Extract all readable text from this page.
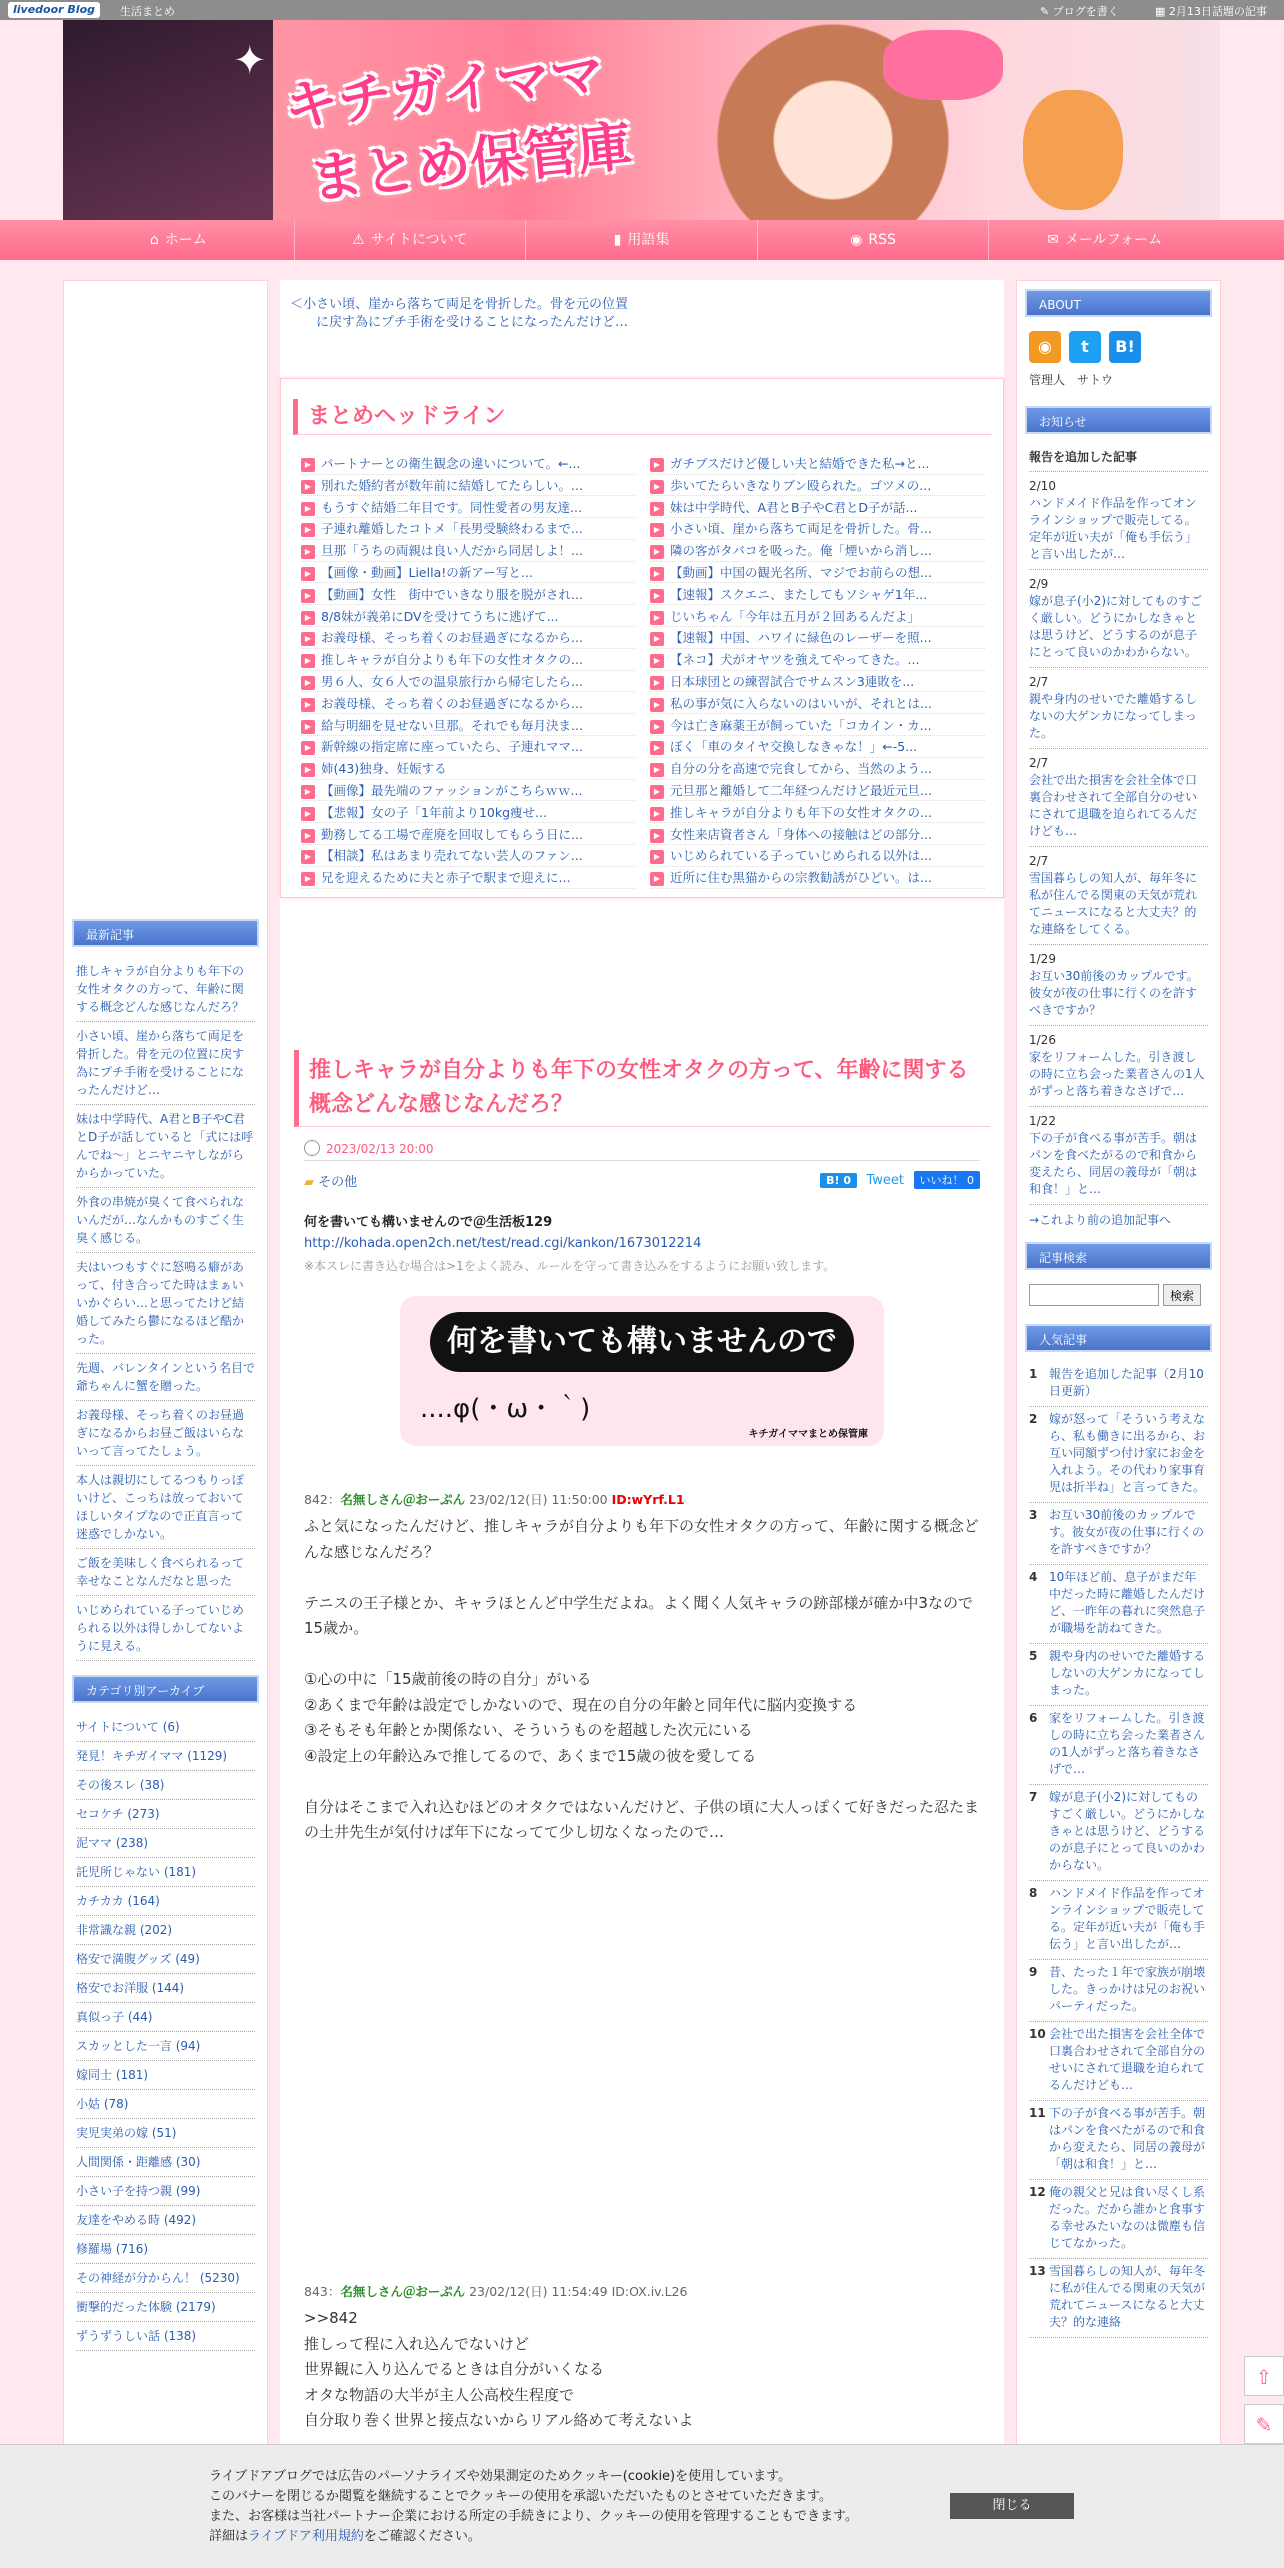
livedoor Blog	生活まとめ	✎ ブログを書く	▦ 2月13日話題の記事
✦ キチガイママ
まとめ保管庫
⌂ ホーム	⚠ サイトについて	▮ 用語集	◉ RSS	✉ メールフォーム
最新記事
推しキャラが自分よりも年下の女性オタクの方って、年齢に関する概念どんな感じなんだろ？
小さい頃、崖から落ちて両足を骨折した。骨を元の位置に戻す為にプチ手術を受けることになったんだけど…
妹は中学時代、A君とB子やC君とD子が話していると「式には呼んでね～」とニヤニヤしながらからかっていた。
外食の串焼が臭くて食べられないんだが…なんかものすごく生臭く感じる。
夫はいつもすぐに怒鳴る癖があって、付き合ってた時はまぁいいかぐらい…と思ってたけど結婚してみたら鬱になるほど酷かった。
先週、バレンタインという名目で爺ちゃんに蟹を贈った。
お義母様、そっち着くのお昼過ぎになるからお昼ご飯はいらないって言ってたしょう。
本人は親切にしてるつもりっぽいけど、こっちは放っておいてほしいタイプなので正直言って迷惑でしかない。
ご飯を美味しく食べられるって幸せなことなんだなと思った
いじめられている子っていじめられる以外は得しかしてないように見える。
カテゴリ別アーカイブ
サイトについて (6)
発見！キチガイママ (1129)
その後スレ (38)
セコケチ (273)
泥ママ (238)
託児所じゃない (181)
カチカカ (164)
非常識な親 (202)
格安で満腹グッズ (49)
格安でお洋服 (144)
真似っ子 (44)
スカッとした一言 (94)
嫁同士 (181)
小姑 (78)
実児実弟の嫁 (51)
人間関係・距離感 (30)
小さい子を持つ親 (99)
友達をやめる時 (492)
修羅場 (716)
その神経が分からん！ (5230)
衝撃的だった体験 (2179)
ずうずうしい話 (138)
＜小さい頃、崖から落ちて両足を骨折した。骨を元の位置に戻す為にプチ手術を受けることになったんだけど…
まとめヘッドライン
▶ パートナーとの衛生観念の違いについて。←...	▶ ガチブスだけど優しい夫と結婚できた私→と...
▶ 別れた婚約者が数年前に結婚してたらしい。...	▶ 歩いてたらいきなりブン殴られた。ゴツメの...
▶ もうすぐ結婚二年目です。同性愛者の男友達...	▶ 妹は中学時代、A君とB子やC君とD子が話...
▶ 子連れ離婚したコトメ「長男受験終わるまで...	▶ 小さい頃、崖から落ちて両足を骨折した。骨...
▶ 旦那「うちの両親は良い人だから同居しよ！...	▶ 隣の客がタバコを吸った。俺「煙いから消し...
▶ 【画像・動画】Liella!の新アー写と...	▶ 【動画】中国の観光名所、マジでお前らの想...
▶ 【動画】女性　街中でいきなり服を脱がされ...	▶ 【速報】スクエニ、またしてもソシャゲ1年...
▶ 8/8妹が義弟にDVを受けてうちに逃げて...	▶ じいちゃん「今年は五月が２回あるんだよ」
▶ お義母様、そっち着くのお昼過ぎになるから...	▶ 【速報】中国、ハワイに緑色のレーザーを照...
▶ 推しキャラが自分よりも年下の女性オタクの...	▶ 【ネコ】犬がオヤツを強えてやってきた。...
▶ 男６人、女６人での温泉旅行から帰宅したら...	▶ 日本球団との練習試合でサムスン3連敗を...
▶ お義母様、そっち着くのお昼過ぎになるから...	▶ 私の事が気に入らないのはいいが、それとは...
▶ 給与明細を見せない旦那。それでも毎月決ま...	▶ 今は亡き麻薬王が飼っていた「コカイン・カ...
▶ 新幹線の指定席に座っていたら、子連れママ...	▶ ぼく「車のタイヤ交換しなきゃな！」←-5...
▶ 姉(43)独身、妊娠する	▶ 自分の分を高速で完食してから、当然のよう...
▶ 【画像】最先端のファッションがこちらｗｗ...	▶ 元旦那と離婚して二年経つんだけど最近元旦...
▶ 【悲報】女の子「1年前より10kg痩せ...	▶ 推しキャラが自分よりも年下の女性オタクの...
▶ 勤務してる工場で産廃を回収してもらう日に...	▶ 女性来店資者さん「身体への接触はどの部分...
▶ 【相談】私はあまり売れてない芸人のファン...	▶ いじめられている子っていじめられる以外は...
▶ 兄を迎えるために夫と赤子で駅まで迎えに...	▶ 近所に住む黒猫からの宗教勧誘がひどい。は...
推しキャラが自分よりも年下の女性オタクの方って、年齢に関する概念どんな感じなんだろ？
2023/02/13 20:00
▰ その他	B! 0 Tweet いいね！ 0
何を書いても構いませんので＠生活板129
http://kohada.open2ch.net/test/read.cgi/kankon/1673012214
※本スレに書き込む場合は>1をよく読み、ルールを守って書き込みをするようにお願い致します。
何を書いても構いませんので
....φ(・ω・｀)
キチガイママまとめ保管庫
842：名無しさん＠おーぷん 23/02/12(日) 11:50:00 ID:wYrf.L1

ふと気になったんだけど、推しキャラが自分よりも年下の女性オタクの方って、年齢に関する概念どんな感じなんだろ？

テニスの王子様とか、キャラほとんど中学生だよね。よく聞く人気キャラの跡部様が確か中3なので15歳か。

①心の中に「15歳前後の時の自分」がいる

②あくまで年齢は設定でしかないので、現在の自分の年齢と同年代に脳内変換する

③そもそも年齢とか関係ない、そういうものを超越した次元にいる

④設定上の年齢込みで推してるので、あくまで15歳の彼を愛してる

自分はそこまで入れ込むほどのオタクではないんだけど、子供の頃に大人っぽくて好きだった忍たまの土井先生が気付けば年下になってて少し切なくなったので…

843：名無しさん＠おーぷん 23/02/12(日) 11:54:49 ID:OX.iv.L26

>>842

推しって程に入れ込んでないけど

世界観に入り込んでるときは自分がいくなる

オタな物語の大半が主人公高校生程度で

自分取り巻く世界と接点ないからリアル絡めて考えないよ

ABOUT
◉	t	B!
管理人　サトウ
お知らせ
報告を追加した記事
2/10
ハンドメイド作品を作ってオンラインショップで販売してる。定年が近い夫が「俺も手伝う」と言い出したが…
2/9
嫁が息子(小2)に対してものすごく厳しい。どうにかしなきゃとは思うけど、どうするのが息子にとって良いのかわからない。
2/7
親や身内のせいでた離婚するしないの大ゲンカになってしまった。
2/7
会社で出た損害を会社全体で口裏合わせされて全部自分のせいにされて退職を迫られてるんだけども…
2/7
雪国暮らしの知人が、毎年冬に私が住んでる関東の天気が荒れてニュースになると大丈夫？的な連絡をしてくる。
1/29
お互い30前後のカップルです。彼女が夜の仕事に行くのを許すべきですか？
1/26
家をリフォームした。引き渡しの時に立ち会った業者さんの1人がずっと落ち着きなさげで…
1/22
下の子が食べる事が苦手。朝はパンを食べたがるので和食から変えたら、同居の義母が「朝は和食！」と…
→これより前の追加記事へ
記事検索
検索
人気記事
1 報告を追加した記事（2月10日更新）
2 嫁が怒って「そういう考えなら、私も働きに出るから、お互い同額ずつ付け家にお金を入れよう。その代わり家事育児は折半ね」と言ってきた。
3 お互い30前後のカップルです。彼女が夜の仕事に行くのを許すべきですか？
4 10年ほど前、息子がまだ年中だった時に離婚したんだけど、一昨年の暮れに突然息子が職場を訪ねてきた。
5 親や身内のせいでた離婚するしないの大ゲンカになってしまった。
6 家をリフォームした。引き渡しの時に立ち会った業者さんの1人がずっと落ち着きなさげで…
7 嫁が息子(小2)に対してものすごく厳しい。どうにかしなきゃとは思うけど、どうするのが息子にとって良いのかわからない。
8 ハンドメイド作品を作ってオンラインショップで販売してる。定年が近い夫が「俺も手伝う」と言い出したが…
9 昔、たった１年で家族が崩壊した。きっかけは兄のお祝いパーティだった。
10 会社で出た損害を会社全体で口裏合わせされて全部自分のせいにされて退職を迫られてるんだけども…
11 下の子が食べる事が苦手。朝はパンを食べたがるので和食から変えたら、同居の義母が「朝は和食！」と…
12 俺の親父と兄は食い尽くし系だった。だから誰かと食事する幸せみたいなのは微塵も信じてなかった。
13 雪国暮らしの知人が、毎年冬に私が住んでる関東の天気が荒れてニュースになると大丈夫？的な連絡
⇧
✎

ライブドアブログでは広告のパーソナライズや効果測定のためクッキー(cookie)を使用しています。

このバナーを閉じるか閲覧を継続することでクッキーの使用を承認いただいたものとさせていただきます。

また、お客様は当社パートナー企業における所定の手続きにより、クッキーの使用を管理することもできます。

詳細はライブドア利用規約をご確認ください。

閉じる
